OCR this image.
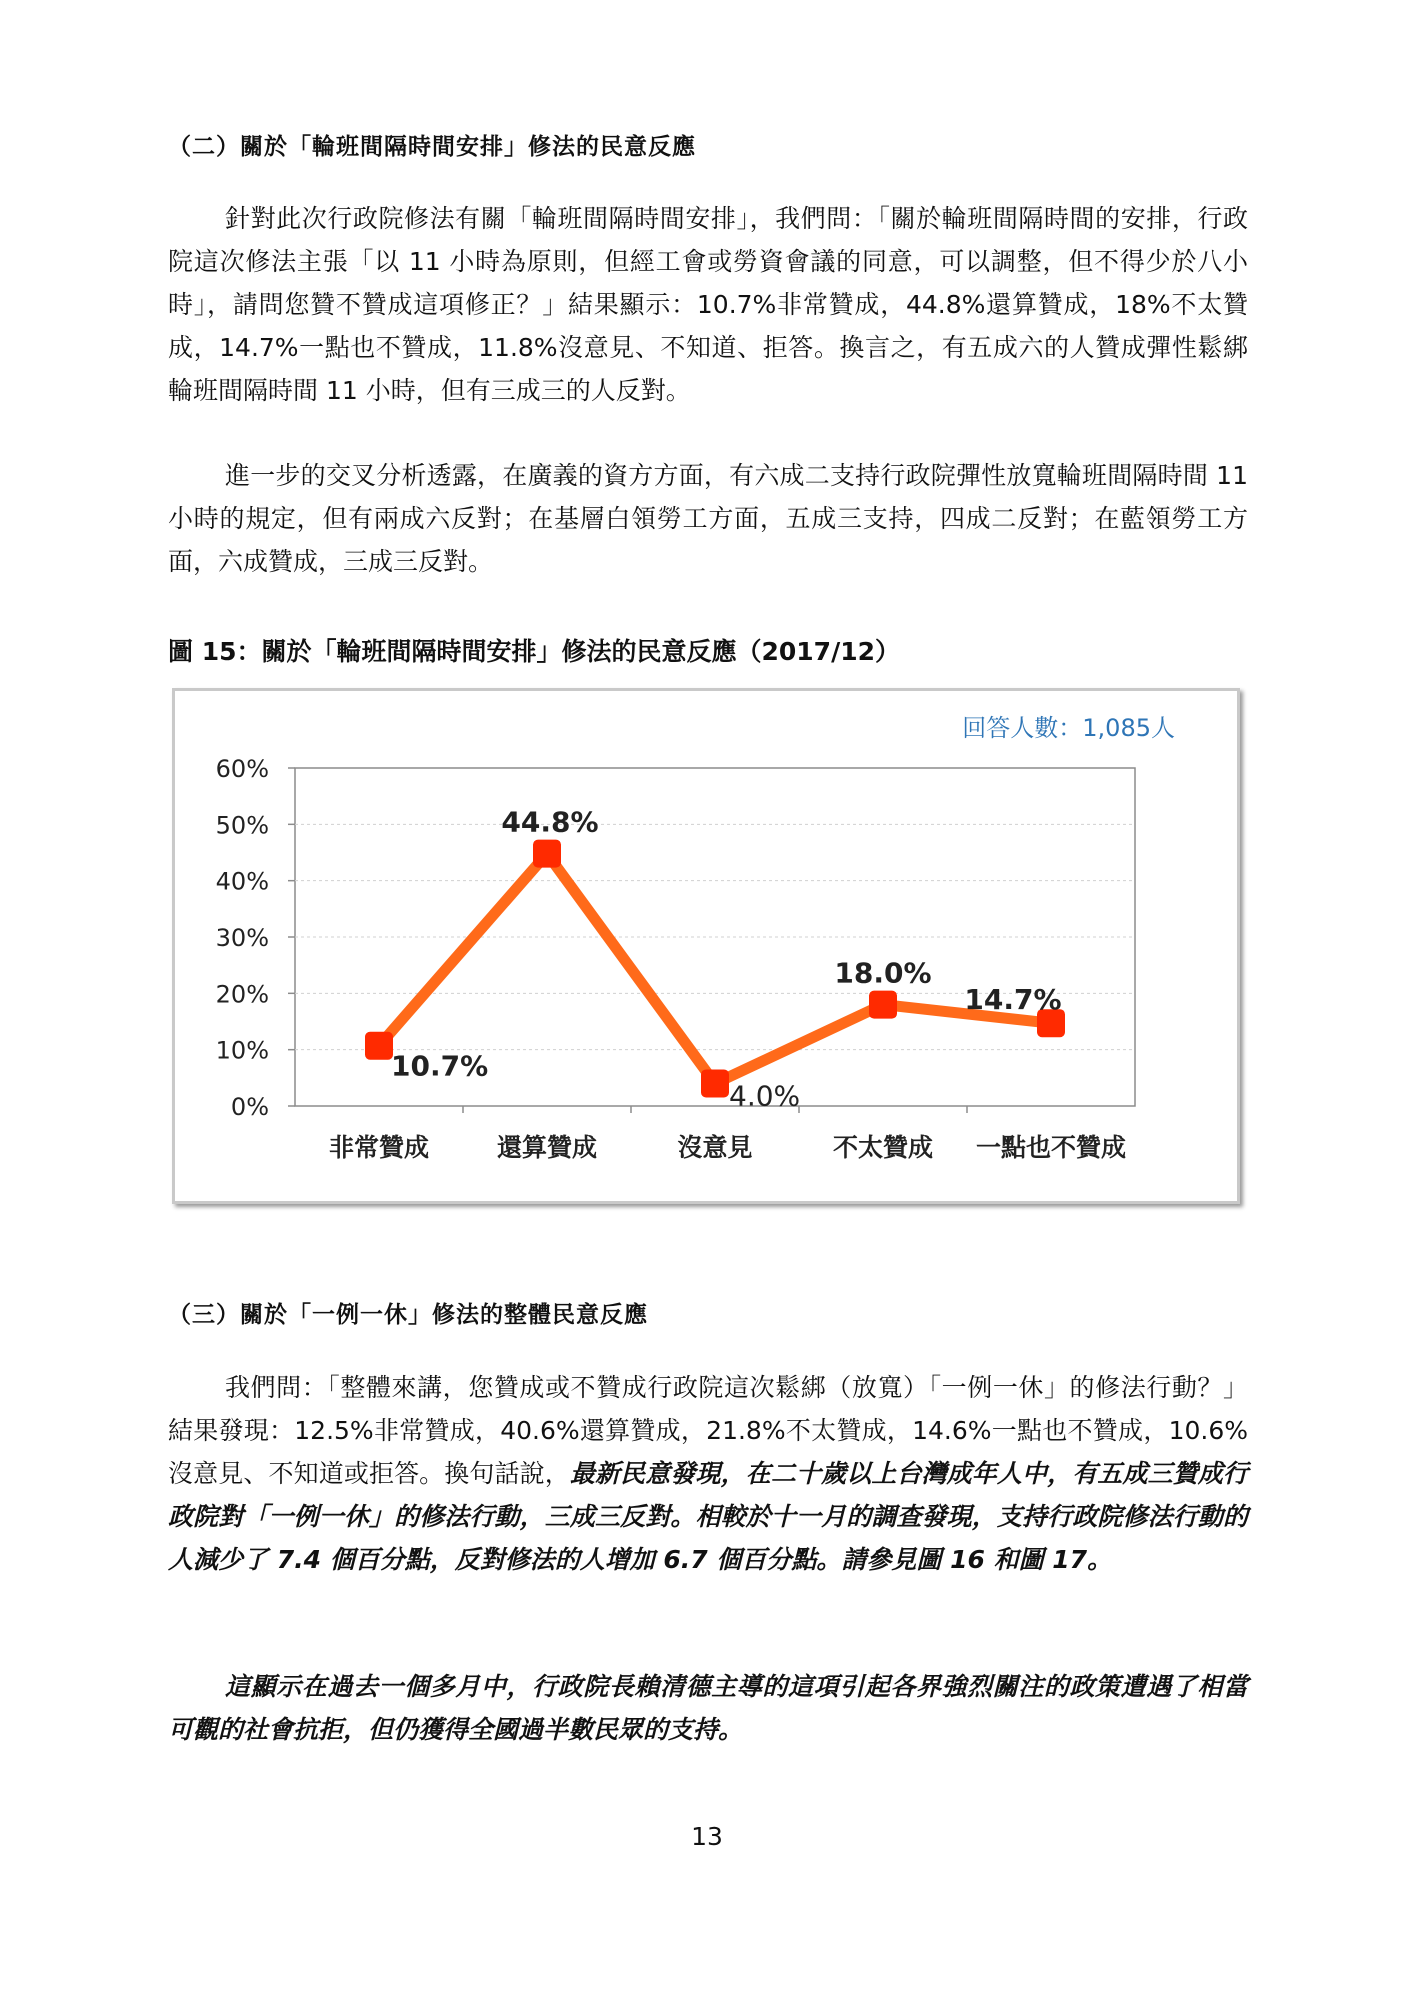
（二）關於「輪班間隔時間安排」修法的民意反應
針對此次行政院修法有關「輪班間隔時間安排」，我們問：「關於輪班間隔時間的安排，行政院這次修法主張「以 11 小時為原則，但經工會或勞資會議的同意，可以調整，但不得少於八小時」，請問您贊不贊成這項修正？」結果顯示：10.7%非常贊成，44.8%還算贊成，18%不太贊成，14.7%一點也不贊成，11.8%沒意見、不知道、拒答。換言之，有五成六的人贊成彈性鬆綁輪班間隔時間 11 小時，但有三成三的人反對。
進一步的交叉分析透露，在廣義的資方方面，有六成二支持行政院彈性放寬輪班間隔時間 11 小時的規定，但有兩成六反對；在基層白領勞工方面，五成三支持，四成二反對；在藍領勞工方面，六成贊成，三成三反對。
圖 15：關於「輪班間隔時間安排」修法的民意反應（2017/12）
0%
10%
20%
30%
40%
50%
60%
非常贊成	還算贊成	沒意見	不太贊成 一點也不贊成
10.7%
44.8%
4.0%
18.0%
14.7%
回答人數：1,085人
（三）關於「一例一休」修法的整體民意反應
我們問：「整體來講，您贊成或不贊成行政院這次鬆綁（放寬）「一例一休」的修法行動？」結果發現：12.5%非常贊成，40.6%還算贊成，21.8%不太贊成，14.6%一點也不贊成，10.6%沒意見、不知道或拒答。換句話說，最新民意發現，在二十歲以上台灣成年人中，有五成三贊成行政院對「一例一休」的修法行動，三成三反對。相較於十一月的調查發現，支持行政院修法行動的人減少了 7.4 個百分點，反對修法的人增加 6.7 個百分點。請參見圖 16 和圖 17。
這顯示在過去一個多月中，行政院長賴清德主導的這項引起各界強烈關注的政策遭遇了相當可觀的社會抗拒，但仍獲得全國過半數民眾的支持。
13
